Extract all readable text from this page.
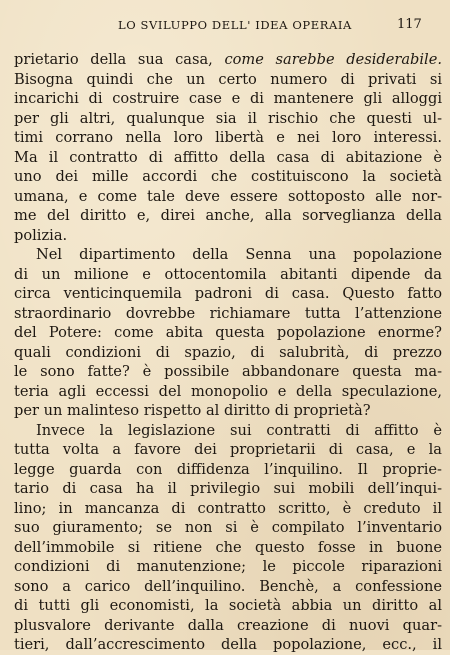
LO SVILUPPO DELL' IDEA OPERAIA	117
prietario della sua casa, come sarebbe desiderabile.
Bisogna quindi che un certo numero di privati si
incarichi di costruire case e di mantenere gli alloggi
per gli altri, qualunque sia il rischio che questi ul-
timi corrano nella loro libertà e nei loro interessi.
Ma il contratto di affitto della casa di abitazione è
uno dei mille accordi che costituiscono la società
umana, e come tale deve essere sottoposto alle nor-
me del diritto e, direi anche, alla sorveglianza della
polizia.
Nel dipartimento della Senna una popolazione
di un milione e ottocentomila abitanti dipende da
circa venticinquemila padroni di casa. Questo fatto
straordinario dovrebbe richiamare tutta l’attenzione
del Potere: come abita questa popolazione enorme?
quali condizioni di spazio, di salubrità, di prezzo
le sono fatte? è possibile abbandonare questa ma-
teria agli eccessi del monopolio e della speculazione,
per un malinteso rispetto al diritto di proprietà?
Invece la legislazione sui contratti di affitto è
tutta volta a favore dei proprietarii di casa, e la
legge guarda con diffidenza l’inquilino. Il proprie-
tario di casa ha il privilegio sui mobili dell’inqui-
lino; in mancanza di contratto scritto, è creduto il
suo giuramento; se non si è compilato l’inventario
dell’immobile si ritiene che questo fosse in buone
condizioni di manutenzione; le piccole riparazioni
sono a carico dell’inquilino. Benchè, a confessione
di tutti gli economisti, la società abbia un diritto al
plusvalore derivante dalla creazione di nuovi quar-
tieri, dall’accrescimento della popolazione, ecc., il
